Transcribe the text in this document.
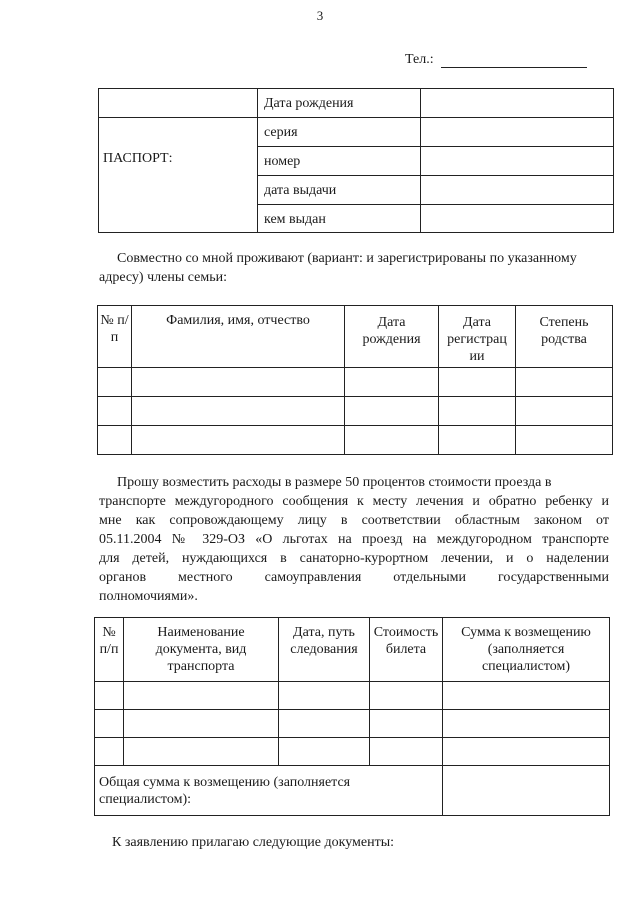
3
Тел.:
	Дата рождения	
ПАСПОРТ:	серия	
	номер	
	дата выдачи	
	кем выдан	
Совместно со мной проживают (вариант: и зарегистрированы по указанному
адресу) члены семьи:
№ п/п	Фамилия, имя, отчество	Дата рождения	Дата регистрац ии	Степень родства

Прошу возместить расходы в размере 50 процентов стоимости проезда в
транспорте междугородного сообщения к месту лечения и обратно ребенку и
мне как сопровождающему лицу в соответствии областным законом от
05.11.2004 № 329-ОЗ «О льготах на проезд на междугородном транспорте
для детей, нуждающихся в санаторно-курортном лечении, и о наделении
органов местного самоуправления отдельными государственными
полномочиями».
№ п/п	Наименование документа, вид транспорта	Дата, путь следования	Стоимость билета	Сумма к возмещению (заполняется специалистом)

Общая сумма к возмещению (заполняется специалистом):				
К заявлению прилагаю следующие документы:
